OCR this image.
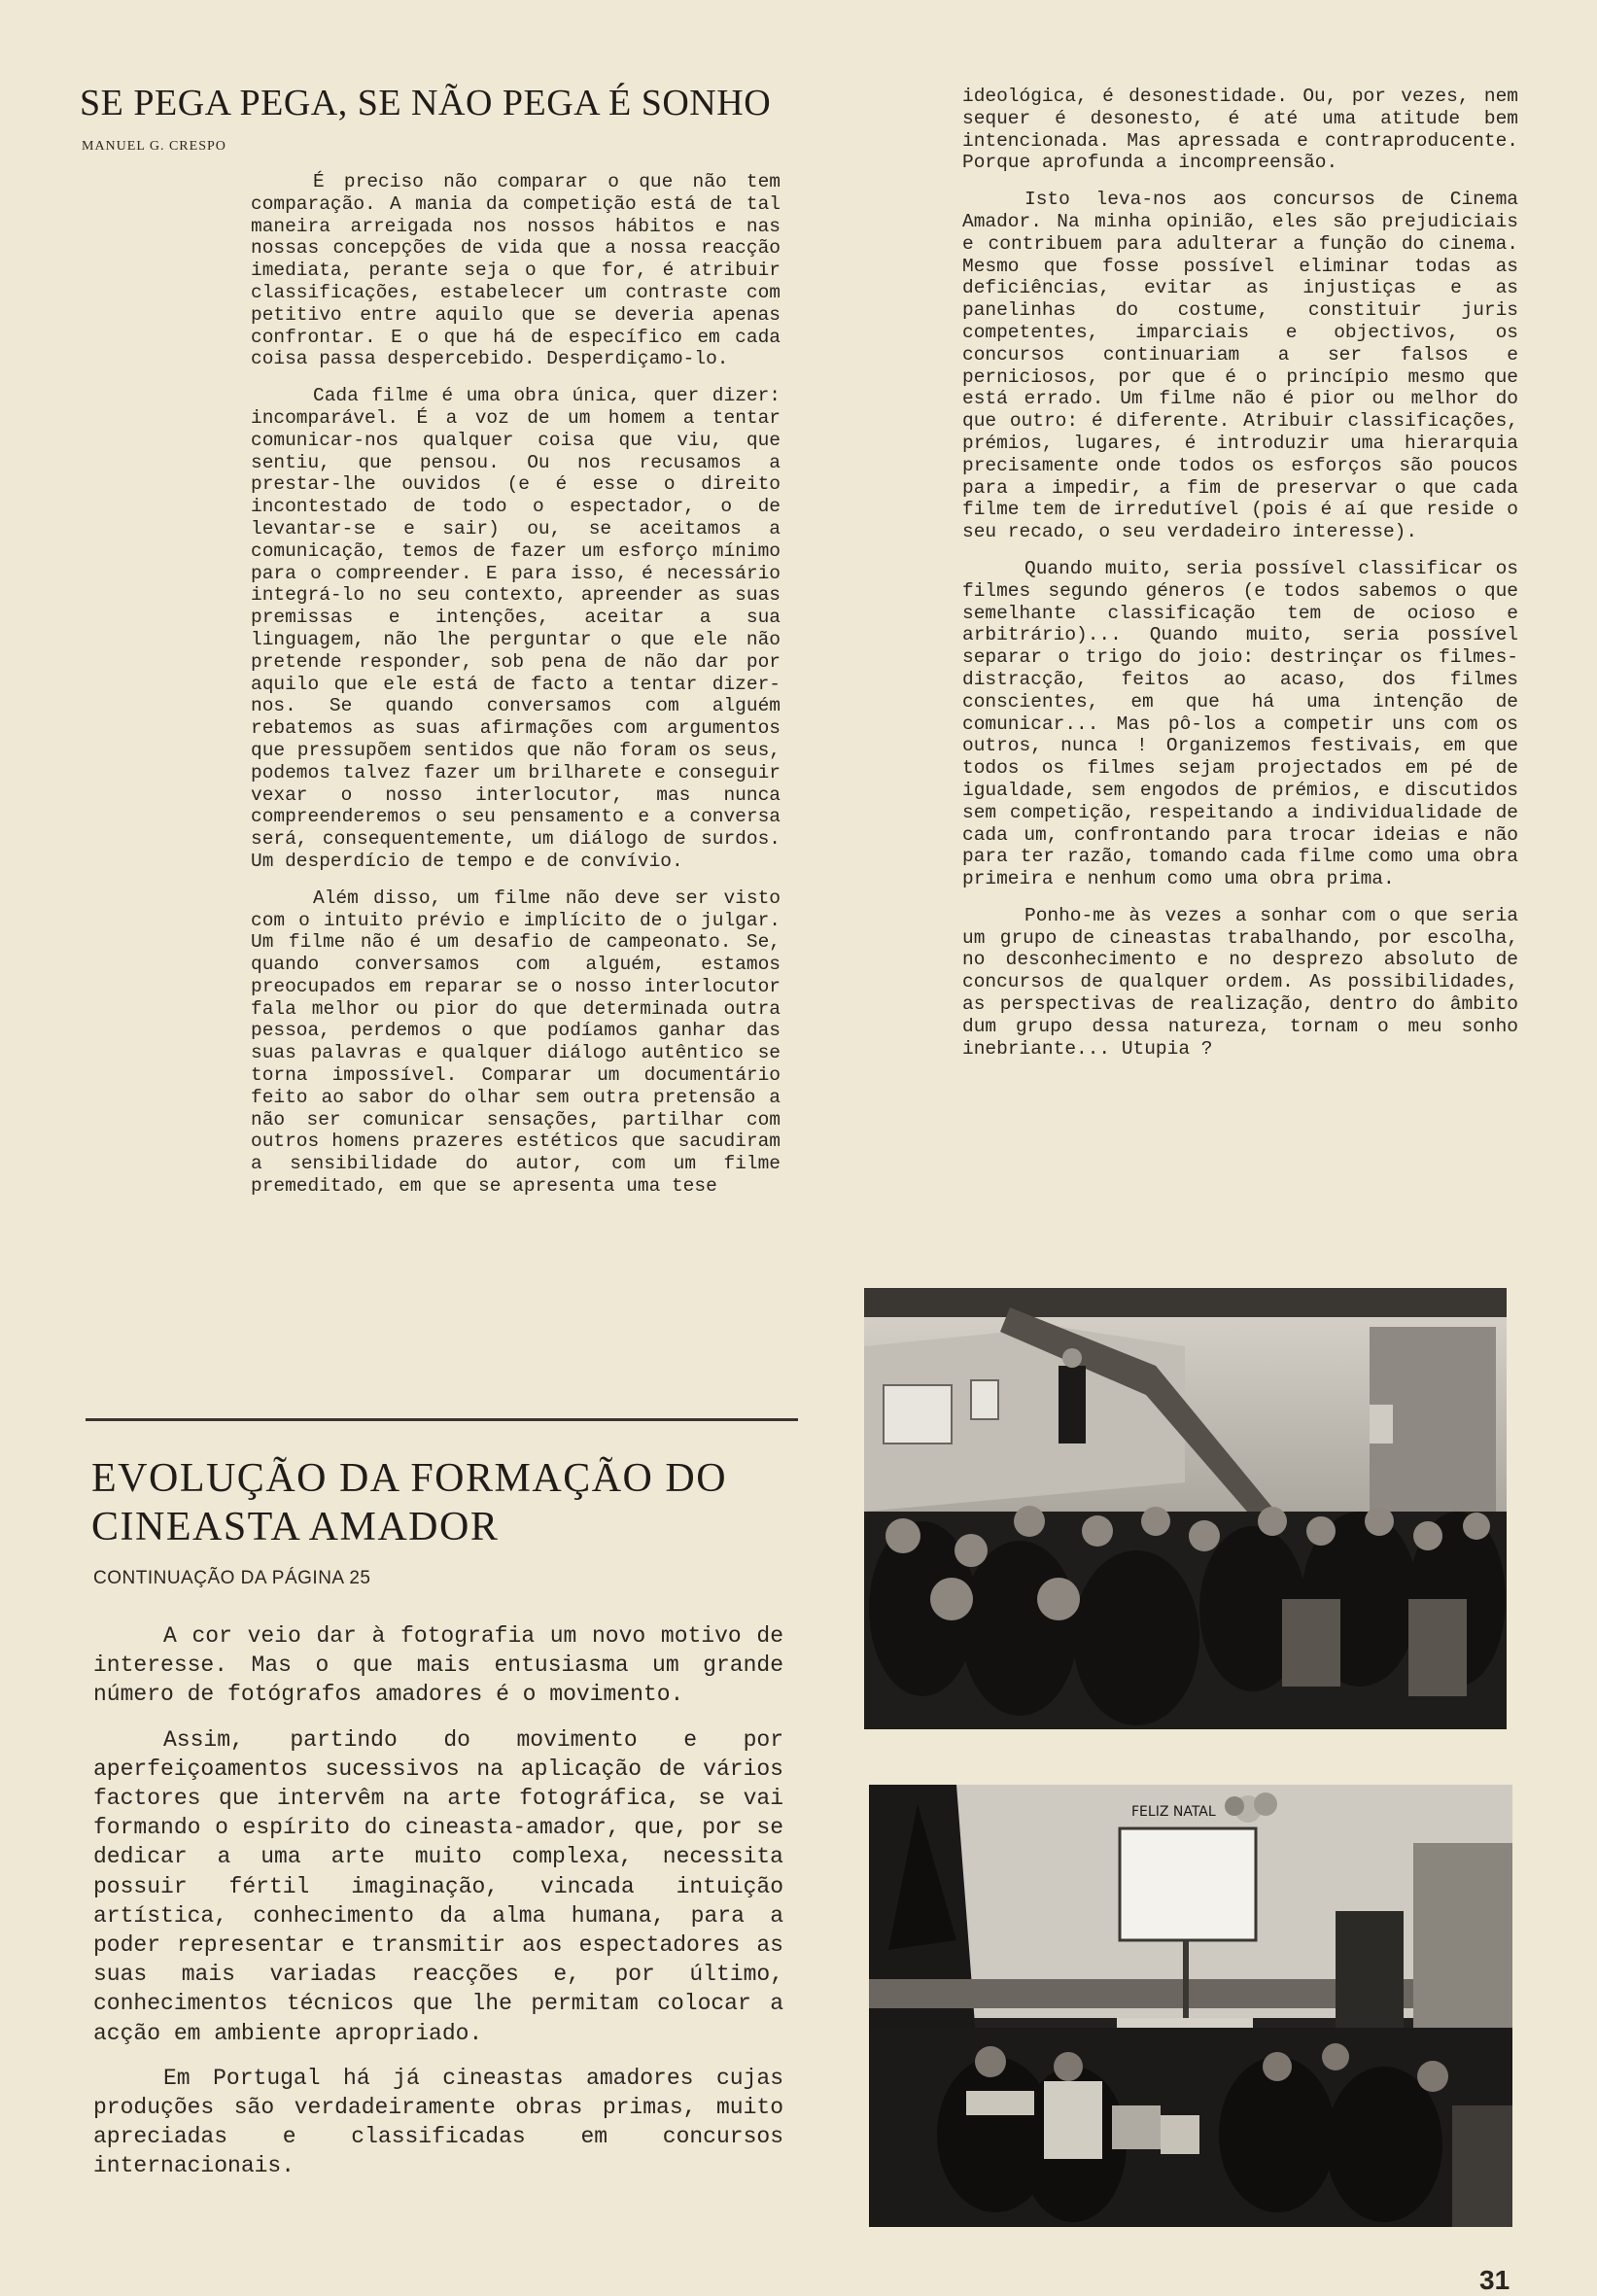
SE PEGA PEGA, SE NÃO PEGA É SONHO
MANUEL G. CRESPO

É preciso não comparar o que não tem comparação. A mania da competição está de tal maneira arreigada nos nossos hábitos e nas nossas concepções de vida que a nossa reacção imediata, perante seja o que for, é atribuir classificações, estabelecer um contraste com petitivo entre aquilo que se deveria apenas confrontar. E o que há de específico em cada coisa passa despercebido. Desperdiçamo-lo.

Cada filme é uma obra única, quer dizer: incomparável. É a voz de um homem a tentar comunicar-nos qualquer coisa que viu, que sentiu, que pensou. Ou nos recusamos a prestar-lhe ouvidos (e é esse o direito incontestado de todo o espectador, o de levantar-se e sair) ou, se aceitamos a comunicação, temos de fazer um esforço mínimo para o compreender. E para isso, é necessário integrá-lo no seu contexto, apreender as suas premissas e intenções, aceitar a sua linguagem, não lhe perguntar o que ele não pretende responder, sob pena de não dar por aquilo que ele está de facto a tentar dizer-nos. Se quando conversamos com alguém rebatemos as suas afirmações com argumentos que pressupõem sentidos que não foram os seus, podemos talvez fazer um brilharete e conseguir vexar o nosso interlocutor, mas nunca compreenderemos o seu pensamento e a conversa será, consequentemente, um diálogo de surdos. Um desperdício de tempo e de convívio.

Além disso, um filme não deve ser visto com o intuito prévio e implícito de o julgar. Um filme não é um desafio de campeonato. Se, quando conversamos com alguém, estamos preocupados em reparar se o nosso interlocutor fala melhor ou pior do que determinada outra pessoa, perdemos o que podíamos ganhar das suas palavras e qualquer diálogo autêntico se torna impossível. Comparar um documentário feito ao sabor do olhar sem outra pretensão a não ser comunicar sensações, partilhar com outros homens prazeres estéticos que sacudiram a sensibilidade do autor, com um filme premeditado, em que se apresenta uma tese

ideológica, é desonestidade. Ou, por vezes, nem sequer é desonesto, é até uma atitude bem intencionada. Mas apressada e contraproducente. Porque aprofunda a incompreensão.

Isto leva-nos aos concursos de Cinema Amador. Na minha opinião, eles são prejudiciais e contribuem para adulterar a função do cinema. Mesmo que fosse possível eliminar todas as deficiências, evitar as injustiças e as panelinhas do costume, constituir juris competentes, imparciais e objectivos, os concursos continuariam a ser falsos e perniciosos, por que é o princípio mesmo que está errado. Um filme não é pior ou melhor do que outro: é diferente. Atribuir classificações, prémios, lugares, é introduzir uma hierarquia precisamente onde todos os esforços são poucos para a impedir, a fim de preservar o que cada filme tem de irredutível (pois é aí que reside o seu recado, o seu verdadeiro interesse).

Quando muito, seria possível classificar os filmes segundo géneros (e todos sabemos o que semelhante classificação tem de ocioso e arbitrário)... Quando muito, seria possível separar o trigo do joio: destrinçar os filmes-distracção, feitos ao acaso, dos filmes conscientes, em que há uma intenção de comunicar... Mas pô-los a competir uns com os outros, nunca ! Organizemos festivais, em que todos os filmes sejam projectados em pé de igualdade, sem engodos de prémios, e discutidos sem competição, respeitando a individualidade de cada um, confrontando para trocar ideias e não para ter razão, tomando cada filme como uma obra primeira e nenhum como uma obra prima.

Ponho-me às vezes a sonhar com o que seria um grupo de cineastas trabalhando, por escolha, no desconhecimento e no desprezo absoluto de concursos de qualquer ordem. As possibilidades, as perspectivas de realização, dentro do âmbito dum grupo dessa natureza, tornam o meu sonho inebriante... Utupia ?

EVOLUÇÃO DA FORMAÇÃO DO CINEASTA AMADOR
CONTINUAÇÃO DA PÁGINA 25

A cor veio dar à fotografia um novo motivo de interesse. Mas o que mais entusiasma um grande número de fotógrafos amadores é o movimento.

Assim, partindo do movimento e por aperfeiçoamentos sucessivos na aplicação de vários factores que intervêm na arte fotográfica, se vai formando o espírito do cineasta-amador, que, por se dedicar a uma arte muito complexa, necessita possuir fértil imaginação, vincada intuição artística, conhecimento da alma humana, para a poder representar e transmitir aos espectadores as suas mais variadas reacções e, por último, conhecimentos técnicos que lhe permitam colocar a acção em ambiente apropriado.

Em Portugal há já cineastas amadores cujas produções são verdadeiramente obras primas, muito apreciadas e classificadas em concursos internacionais.

FELIZ NATAL
31
